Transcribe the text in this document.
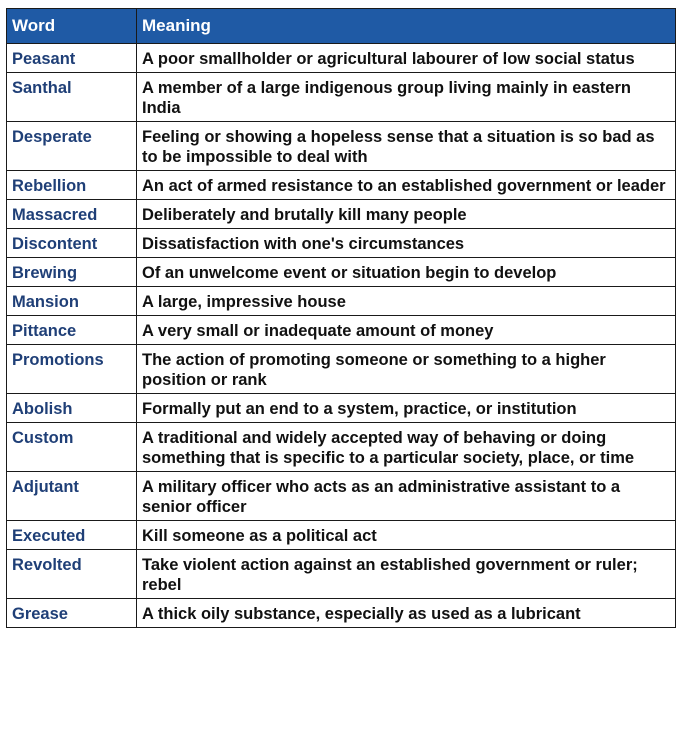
Word	Meaning
Peasant	A poor smallholder or agricultural labourer of low social status
Santhal	A member of a large indigenous group living mainly in eastern India
Desperate	Feeling or showing a hopeless sense that a situation is so bad as to be impossible to deal with
Rebellion	An act of armed resistance to an established government or leader
Massacred	Deliberately and brutally kill many people
Discontent	Dissatisfaction with one's circumstances
Brewing	Of an unwelcome event or situation begin to develop
Mansion	A large, impressive house
Pittance	A very small or inadequate amount of money
Promotions	The action of promoting someone or something to a higher position or rank
Abolish	Formally put an end to a system, practice, or institution
Custom	A traditional and widely accepted way of behaving or doing something that is specific to a particular society, place, or time
Adjutant	A military officer who acts as an administrative assistant to a senior officer
Executed	Kill someone as a political act
Revolted	Take violent action against an established government or ruler; rebel
Grease	A thick oily substance, especially as used as a lubricant
